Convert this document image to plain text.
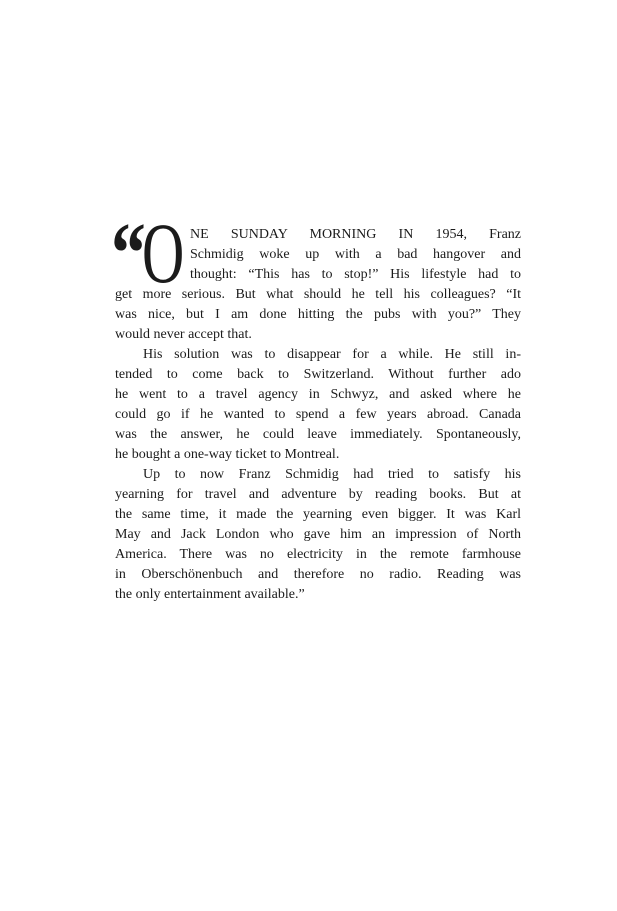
“
O NE SUNDAY MORNING IN 1954, Franz
Schmidig woke up with a bad hangover and
thought: “This has to stop!” His lifestyle had to
get more serious. But what should he tell his colleagues? “It
was nice, but I am done hitting the pubs with you?” They
would never accept that.
His solution was to disappear for a while. He still in-
tended to come back to Switzerland. Without further ado
he went to a travel agency in Schwyz, and asked where he
could go if he wanted to spend a few years abroad. Canada
was the answer, he could leave immediately. Spontaneously,
he bought a one-way ticket to Montreal.
Up to now Franz Schmidig had tried to satisfy his
yearning for travel and adventure by reading books. But at
the same time, it made the yearning even bigger. It was Karl
May and Jack London who gave him an impression of North
America. There was no electricity in the remote farmhouse
in Oberschönenbuch and therefore no radio. Reading was
the only entertainment available.”
